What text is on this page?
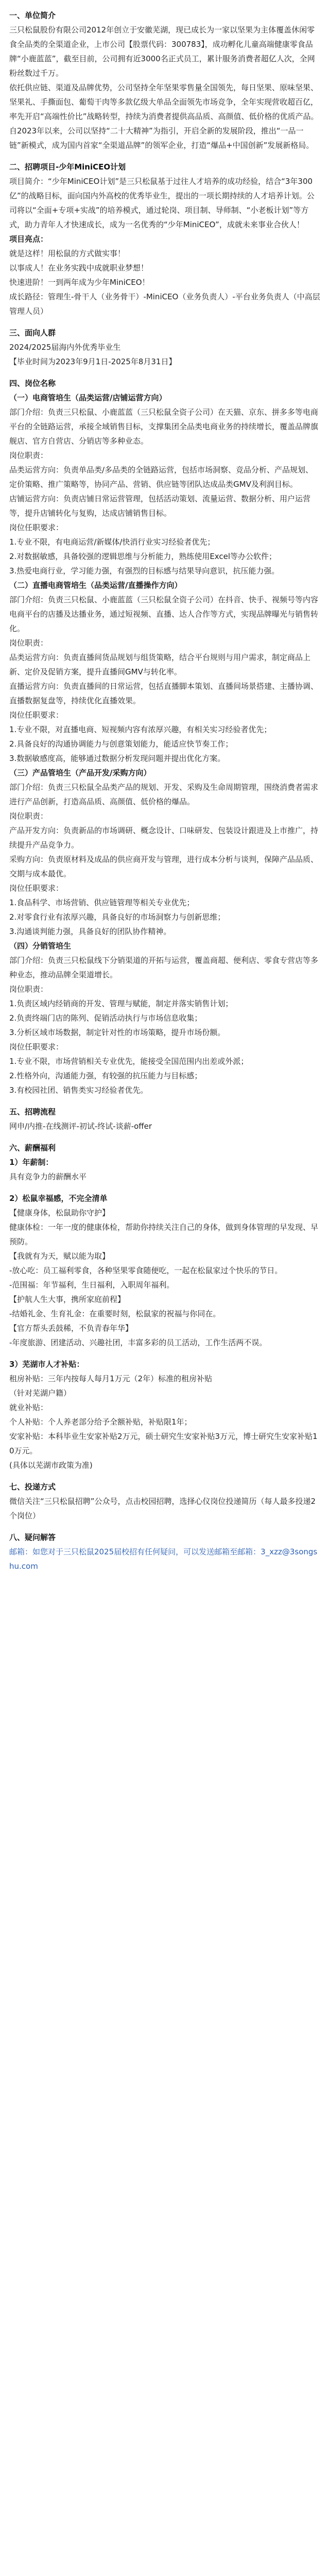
一、单位简介
三只松鼠股份有限公司2012年创立于安徽芜湖，现已成长为一家以坚果为主体覆盖休闲零食全品类的全渠道企业，上市公司【股票代码：300783】，成功孵化儿童高端健康零食品牌“小鹿蓝蓝”，截至目前，公司拥有近3000名正式员工，累计服务消费者超亿人次，全网粉丝数过千万。
依托供应链、渠道及品牌优势，公司坚持全年坚果零售量全国领先，每日坚果、原味坚果、坚果礼、手撕面包、葡萄干肉等多款亿级大单品全面领先市场竞争，全年实现营收超百亿，率先开启“高端性价比”战略转型，持续为消费者提供高品质、高颜值、低价格的优质产品。
自2023年以来，公司以坚持“二十大精神”为指引，开启全新的发展阶段，推出“一品一链”新模式，成为国内首家“全渠道品牌”的领军企业，打造“爆品+中国创新”发展新格局。
二、招聘项目-少年MiniCEO计划
项目简介：“少年MiniCEO计划”是三只松鼠基于过往人才培养的成功经验，结合“3年300亿”的战略目标，面向国内外高校的优秀毕业生，提出的一项长期持续的人才培养计划。公司将以“全面+专项+实战”的培养模式，通过轮岗、项目制、导师制、“小老板计划”等方式，助力青年人才快速成长，成为一名优秀的“少年MiniCEO”，成就未来事业合伙人！
项目亮点：
就是这样！用松鼠的方式做实事！
以事成人！在业务实践中成就职业梦想！
快速进阶！一到两年成为少年MiniCEO！
成长路径：管理生-骨干人（业务骨干）-MiniCEO（业务负责人）-平台业务负责人（中高层管理人员）
三、面向人群
2024/2025届海内外优秀毕业生
【毕业时间为2023年9月1日-2025年8月31日】
四、岗位名称
（一）电商管培生（品类运营/店铺运营方向）
部门介绍：负责三只松鼠、小鹿蓝蓝（三只松鼠全资子公司）在天猫、京东、拼多多等电商平台的全链路运营，承接全域销售目标，支撑集团全品类电商业务的持续增长，覆盖品牌旗舰店、官方自营店、分销店等多种业态。
岗位职责：
品类运营方向：负责单品类/多品类的全链路运营，包括市场洞察、竞品分析、产品规划、定价策略、推广策略等，协同产品、营销、供应链等团队达成品类GMV及利润目标。
店铺运营方向：负责店铺日常运营管理，包括活动策划、流量运营、数据分析、用户运营等，提升店铺转化与复购，达成店铺销售目标。
岗位任职要求：
1.专业不限，有电商运营/新媒体/快消行业实习经验者优先；
2.对数据敏感，具备较强的逻辑思维与分析能力，熟练使用Excel等办公软件；
3.热爱电商行业，学习能力强，有强烈的目标感与结果导向意识，抗压能力强。
（二）直播电商管培生（品类运营/直播操作方向）
部门介绍：负责三只松鼠、小鹿蓝蓝（三只松鼠全资子公司）在抖音、快手、视频号等内容电商平台的店播及达播业务，通过短视频、直播、达人合作等方式，实现品牌曝光与销售转化。
岗位职责：
品类运营方向：负责直播间货品规划与组货策略，结合平台规则与用户需求，制定商品上新、定价及促销方案，提升直播间GMV与转化率。
直播运营方向：负责直播间的日常运营，包括直播脚本策划、直播间场景搭建、主播协调、直播数据复盘等，持续优化直播效果。
岗位任职要求：
1.专业不限，对直播电商、短视频内容有浓厚兴趣，有相关实习经验者优先；
2.具备良好的沟通协调能力与创意策划能力，能适应快节奏工作；
3.数据敏感度高，能够通过数据分析发现问题并提出优化方案。
（三）产品管培生（产品开发/采购方向）
部门介绍：负责三只松鼠全品类产品的规划、开发、采购及生命周期管理，围绕消费者需求进行产品创新，打造高品质、高颜值、低价格的爆品。
岗位职责：
产品开发方向：负责新品的市场调研、概念设计、口味研发、包装设计跟进及上市推广，持续提升产品竞争力。
采购方向：负责原材料及成品的供应商开发与管理，进行成本分析与谈判，保障产品品质、交期与成本最优。
岗位任职要求：
1.食品科学、市场营销、供应链管理等相关专业优先；
2.对零食行业有浓厚兴趣，具备良好的市场洞察力与创新思维；
3.沟通谈判能力强，具备良好的团队协作精神。
（四）分销管培生
部门介绍：负责三只松鼠线下分销渠道的开拓与运营，覆盖商超、便利店、零食专营店等多种业态，推动品牌全渠道增长。
岗位职责：
1.负责区域内经销商的开发、管理与赋能，制定并落实销售计划；
2.负责终端门店的陈列、促销活动执行与市场信息收集；
3.分析区域市场数据，制定针对性的市场策略，提升市场份额。
岗位任职要求：
1.专业不限，市场营销相关专业优先，能接受全国范围内出差或外派；
2.性格外向，沟通能力强，有较强的抗压能力与目标感；
3.有校园社团、销售类实习经验者优先。
五、招聘流程
网申/内推-在线测评-初试-终试-谈薪-offer
六、薪酬福利
1）年薪制：
具有竞争力的薪酬水平
2）松鼠幸福感，不完全清单
【健康身体，松鼠助你守护】
健康体检：一年一度的健康体检，帮助你持续关注自己的身体，做到身体管理的早发现、早预防。
【我就有为天，赋以能为取】
-放心吃：员工福利零食，各种坚果零食随便吃，一起在松鼠家过个快乐的节日。
-范围福：年节福利，生日福利，入职周年福利。
【护航人生大事，携所家庭前程】
-结婚礼金、生育礼金：在重要时刻，松鼠家的祝福与你同在。
【官方帮头丢鼓稀，不负青春年华】
-年度旅游、团建活动、兴趣社团，丰富多彩的员工活动，工作生活两不误。
3）芜湖市人才补贴：
租房补贴：三年内按每人每月1万元（2年）标准的租房补贴
（针对芜湖户籍）
就业补贴：
个人补贴：个人养老部分给予全额补贴，补贴限1年；
安家补贴：本科毕业生安家补贴2万元，硕士研究生安家补贴3万元，博士研究生安家补贴10万元。
(具体以芜湖市政策为准)
七、投递方式
微信关注“三只松鼠招聘”公众号，点击校园招聘，选择心仪岗位投递简历（每人最多投递2个岗位）
八、疑问解答
邮箱：如您对于三只松鼠2025届校招有任何疑问，可以发送邮箱至邮箱：3_xzz@3songshu.com
